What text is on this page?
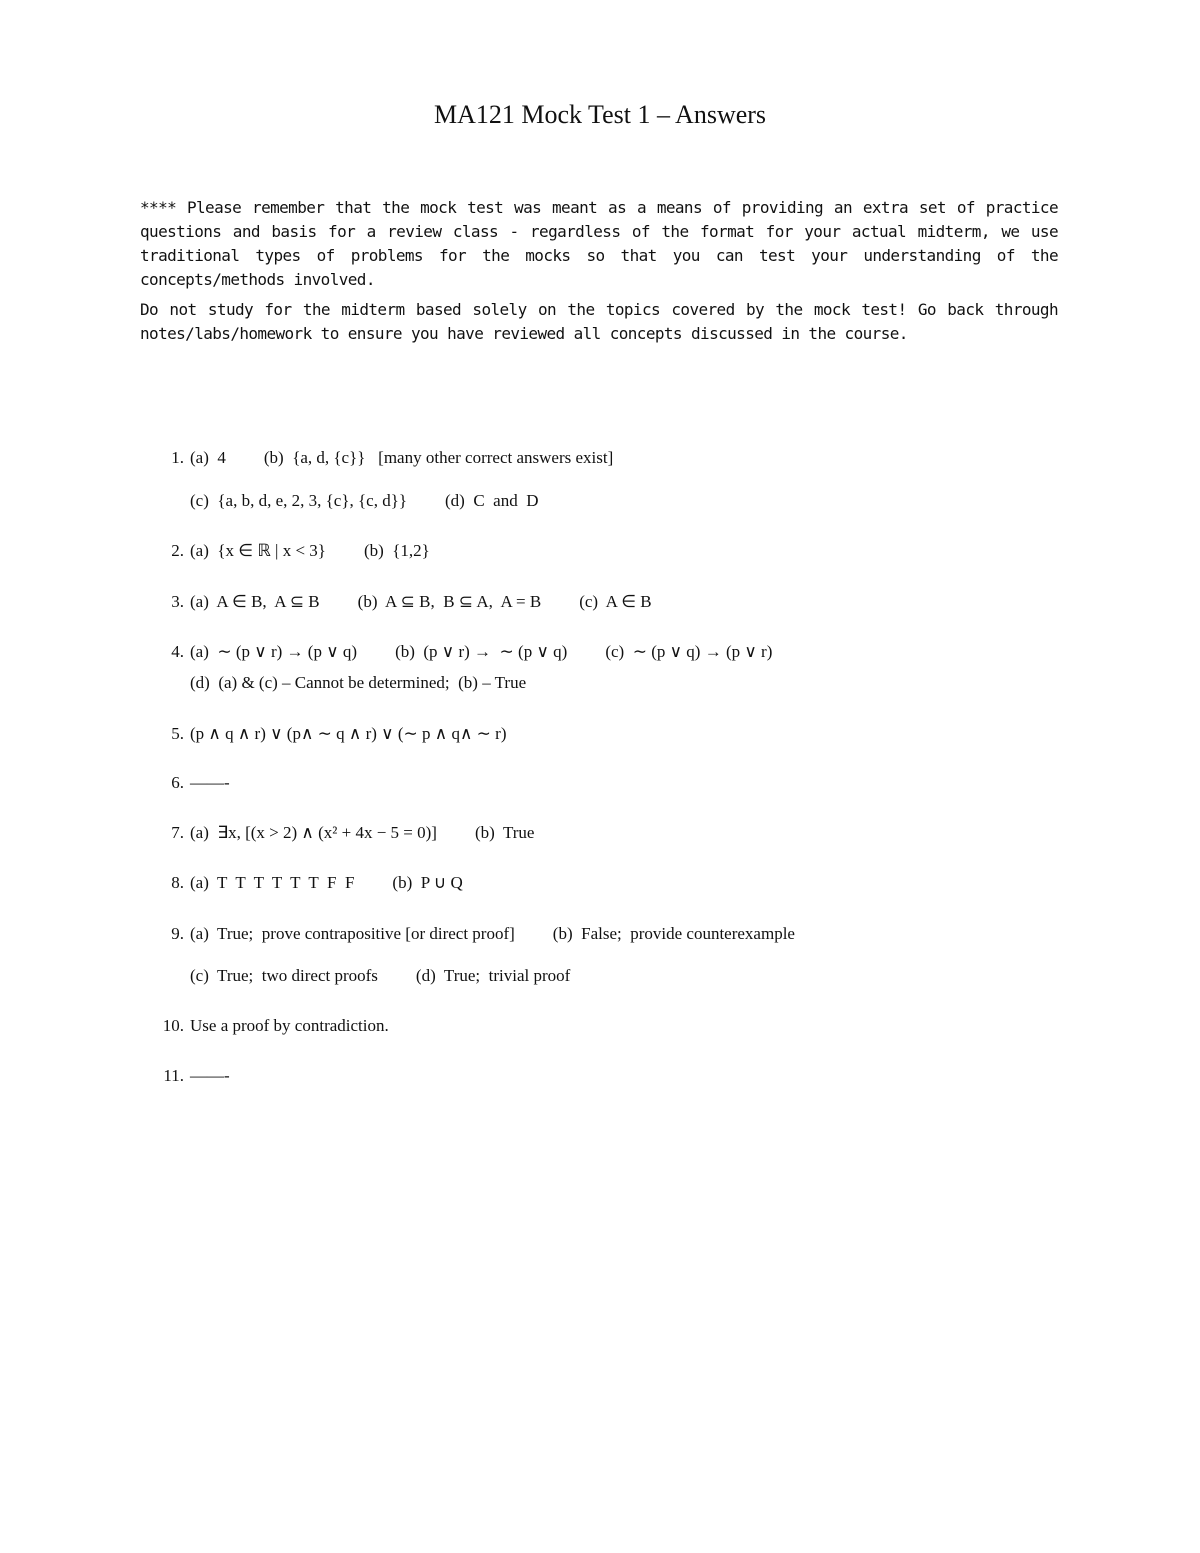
MA121 Mock Test 1 – Answers

**** Please remember that the mock test was meant as a means of providing an extra set of practice questions and basis for a review class - regardless of the format for your actual midterm, we use traditional types of problems for the mocks so that you can test your understanding of the concepts/methods involved.

Do not study for the midterm based solely on the topics covered by the mock test! Go back through notes/labs/homework to ensure you have reviewed all concepts discussed in the course.

1. (a)  4 (b)  {a, d, {c}}   [many other correct answers exist]
(c)  {a, b, d, e, 2, 3, {c}, {c, d}} (d)  C  and  D
2. (a)  {x ∈ ℝ | x < 3} (b)  {1,2}
3. (a)  A ∈ B,  A ⊆ B (b)  A ⊆ B,  B ⊆ A,  A = B (c)  A ∈ B
4. (a)  ∼ (p ∨ r) → (p ∨ q) (b)  (p ∨ r) →  ∼ (p ∨ q) (c)  ∼ (p ∨ q) → (p ∨ r)
(d)  (a) & (c) – Cannot be determined;  (b) – True
5. (p ∧ q ∧ r) ∨ (p∧ ∼ q ∧ r) ∨ (∼ p ∧ q∧ ∼ r)
6. ——-
7. (a)  ∃x, [(x > 2) ∧ (x² + 4x − 5 = 0)] (b)  True
8. (a)  T  T  T  T  T  T  F  F (b)  P ∪ Q
9. (a)  True;  prove contrapositive [or direct proof] (b)  False;  provide counterexample
(c)  True;  two direct proofs (d)  True;  trivial proof
10. Use a proof by contradiction.
11. ——-
